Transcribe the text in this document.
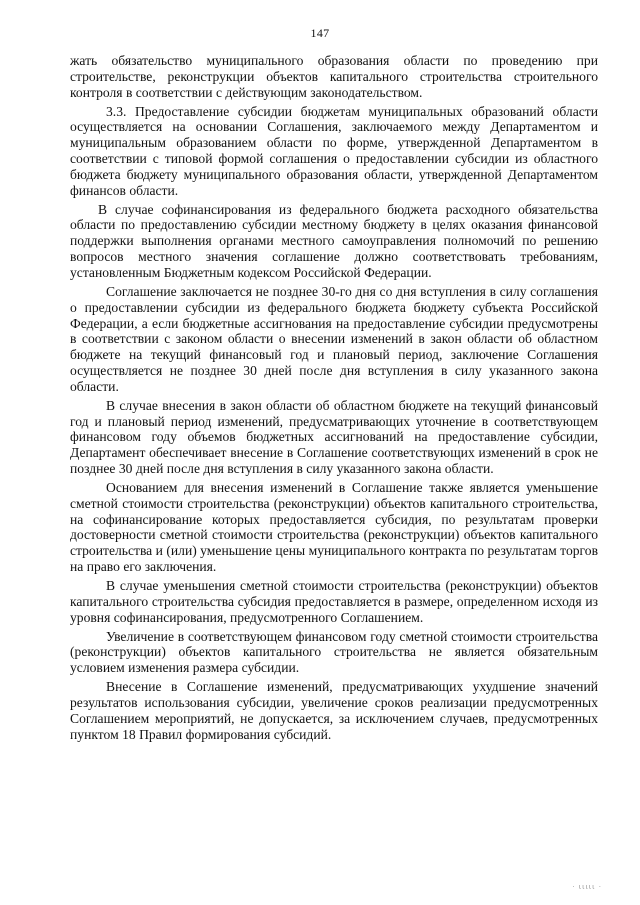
147

жать обязательство муниципального образования области по проведению при строительстве, реконструкции объектов капитального строительства строительного контроля в соответствии с действующим законодательством.

3.3. Предоставление субсидии бюджетам муниципальных образований области осуществляется на основании Соглашения, заключаемого между Департаментом и муниципальным образованием области по форме, утвержденной Департаментом в соответствии с типовой формой соглашения о предоставлении субсидии из областного бюджета бюджету муниципального образования области, утвержденной Департаментом финансов области.

В случае софинансирования из федерального бюджета расходного обязательства области по предоставлению субсидии местному бюджету в целях оказания финансовой поддержки выполнения органами местного самоуправления полномочий по решению вопросов местного значения соглашение должно соответствовать требованиям, установленным Бюджетным кодексом Российской Федерации.

Соглашение заключается не позднее 30-го дня со дня вступления в силу соглашения о предоставлении субсидии из федерального бюджета бюджету субъекта Российской Федерации, а если бюджетные ассигнования на предоставление субсидии предусмотрены в соответствии с законом области о внесении изменений в закон области об областном бюджете на текущий финансовый год и плановый период, заключение Соглашения осуществляется не позднее 30 дней после дня вступления в силу указанного закона области.

В случае внесения в закон области об областном бюджете на текущий финансовый год и плановый период изменений, предусматривающих уточнение в соответствующем финансовом году объемов бюджетных ассигнований на предоставление субсидии, Департамент обеспечивает внесение в Соглашение соответствующих изменений в срок не позднее 30 дней после дня вступления в силу указанного закона области.

Основанием для внесения изменений в Соглашение также является уменьшение сметной стоимости строительства (реконструкции) объектов капитального строительства, на софинансирование которых предоставляется субсидия, по результатам проверки достоверности сметной стоимости строительства (реконструкции) объектов капитального строительства и (или) уменьшение цены муниципального контракта по результатам торгов на право его заключения.

В случае уменьшения сметной стоимости строительства (реконструкции) объектов капитального строительства субсидия предоставляется в размере, определенном исходя из уровня софинансирования, предусмотренного Соглашением.

Увеличение в соответствующем финансовом году сметной стоимости строительства (реконструкции) объектов капитального строительства не является обязательным условием изменения размера субсидии.

Внесение в Соглашение изменений, предусматривающих ухудшение значений результатов использования субсидии, увеличение сроков реализации предусмотренных Соглашением мероприятий, не допускается, за исключением случаев, предусмотренных пунктом 18 Правил формирования субсидий.

· ιιιιι ·
